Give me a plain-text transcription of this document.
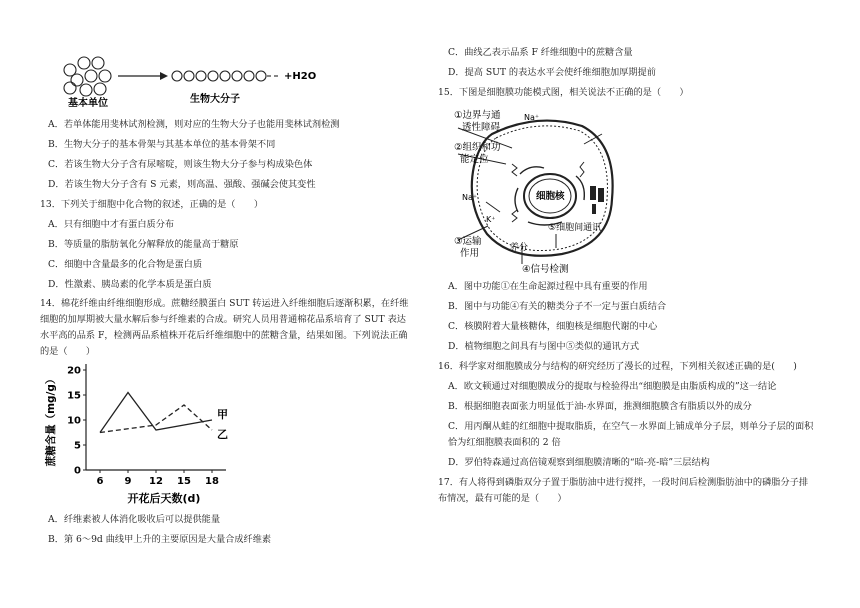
+H2O
基本单位	生物大分子
A．若单体能用斐林试剂检测，则对应的生物大分子也能用斐林试剂检测
B．生物大分子的基本骨架与其基本单位的基本骨架不同
C．若该生物大分子含有尿嘧啶，则该生物大分子参与构成染色体
D．若该生物大分子含有 S 元素，则高温、强酸、强碱会使其变性
13．下列关于细胞中化合物的叙述，正确的是（　　）
A．只有细胞中才有蛋白质分布
B．等质量的脂肪氧化分解释放的能量高于糖原
C．细胞中含量最多的化合物是蛋白质
D．性激素、胰岛素的化学本质是蛋白质
14．棉花纤维由纤维细胞形成。蔗糖经膜蛋白 SUT 转运进入纤维细胞后逐渐积累，在纤维细胞的加厚期被大量水解后参与纤维素的合成。研究人员用普通棉花品系培育了 SUT 表达水平高的品系 F，检测两品系植株开花后纤维细胞中的蔗糖含量，结果如图。下列说法正确的是（　　）
5
10
15
20
0
6 9 12 15 18
甲
乙
蔗糖含量（mg/g）
开花后天数(d)
A．纤维素被人体消化吸收后可以提供能量
B．第 6～9d 曲线甲上升的主要原因是大量合成纤维素
C．曲线乙表示品系 F 纤维细胞中的蔗糖含量
D．提高 SUT 的表达水平会使纤维细胞加厚期提前
15．下图是细胞膜功能模式图，相关说法不正确的是（　　）
①边界与通
透性障碍
Na⁺
②组织和功
能定位
Na⁺
K⁺
细胞核
⑤细胞间通讯
③运输
作用	养分
④信号检测
A．图中功能①在生命起源过程中具有重要的作用
B．图中与功能④有关的糖类分子不一定与蛋白质结合
C．核膜附着大量核糖体，细胞核是细胞代谢的中心
D．植物细胞之间具有与图中⑤类似的通讯方式
16．科学家对细胞膜成分与结构的研究经历了漫长的过程，下列相关叙述正确的是(　　)
A．欧文顿通过对细胞膜成分的提取与检验得出“细胞膜是由脂质构成的”这一结论
B．根据细胞表面张力明显低于油-水界面，推测细胞膜含有脂质以外的成分
C．用丙酮从蛙的红细胞中提取脂质，在空气－水界面上铺成单分子层，则单分子层的面积恰为红细胞膜表面积的 2 倍
D．罗伯特森通过高倍镜观察到细胞膜清晰的“暗-亮-暗”三层结构
17．有人将得到磷脂双分子置于脂肪油中进行搅拌，一段时间后检测脂肪油中的磷脂分子排布情况，最有可能的是（　　）
